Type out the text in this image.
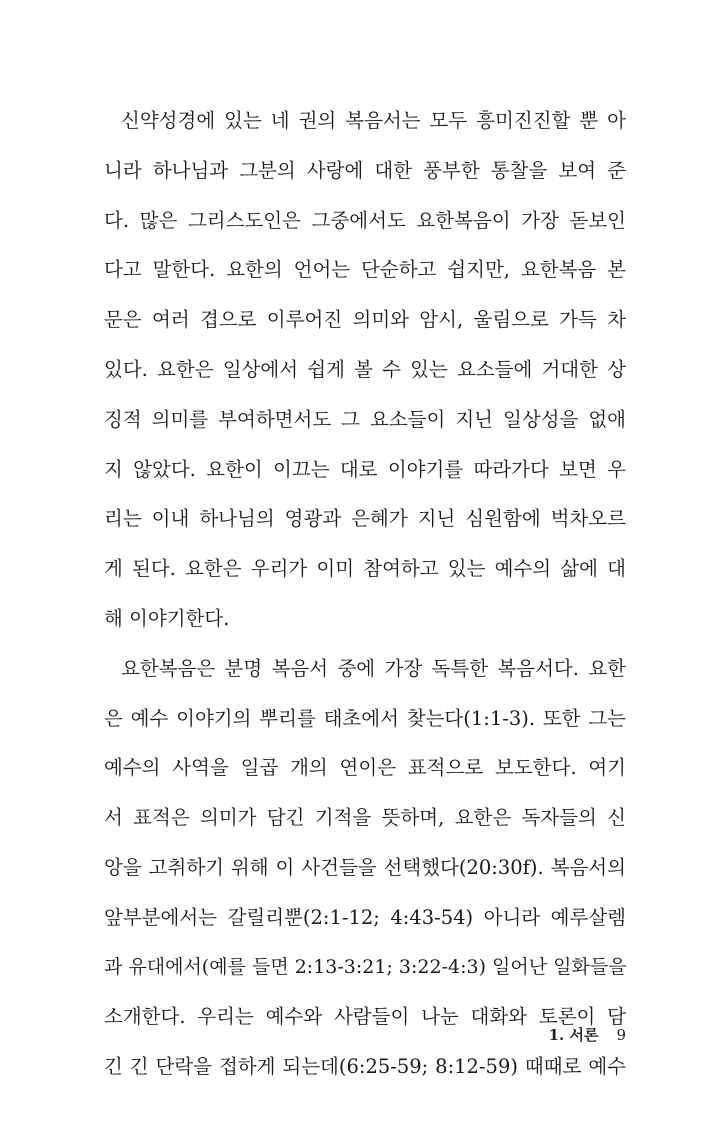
신약성경에 있는 네 권의 복음서는 모두 흥미진진할 뿐 아
니라 하나님과 그분의 사랑에 대한 풍부한 통찰을 보여 준
다. 많은 그리스도인은 그중에서도 요한복음이 가장 돋보인
다고 말한다. 요한의 언어는 단순하고 쉽지만, 요한복음 본
문은 여러 겹으로 이루어진 의미와 암시, 울림으로 가득 차
있다. 요한은 일상에서 쉽게 볼 수 있는 요소들에 거대한 상
징적 의미를 부여하면서도 그 요소들이 지닌 일상성을 없애
지 않았다. 요한이 이끄는 대로 이야기를 따라가다 보면 우
리는 이내 하나님의 영광과 은혜가 지닌 심원함에 벅차오르
게 된다. 요한은 우리가 이미 참여하고 있는 예수의 삶에 대
해 이야기한다.
요한복음은 분명 복음서 중에 가장 독특한 복음서다. 요한
은 예수 이야기의 뿌리를 태초에서 찾는다(1:1-3). 또한 그는
예수의 사역을 일곱 개의 연이은 표적으로 보도한다. 여기
서 표적은 의미가 담긴 기적을 뜻하며, 요한은 독자들의 신
앙을 고취하기 위해 이 사건들을 선택했다(20:30f). 복음서의
앞부분에서는 갈릴리뿐(2:1-12; 4:43-54) 아니라 예루살렘
과 유대에서(예를 들면 2:13-3:21; 3:22-4:3) 일어난 일화들을
소개한다. 우리는 예수와 사람들이 나눈 대화와 토론이 담
긴 긴 단락을 접하게 되는데(6:25-59; 8:12-59) 때때로 예수
1. 서론 9
